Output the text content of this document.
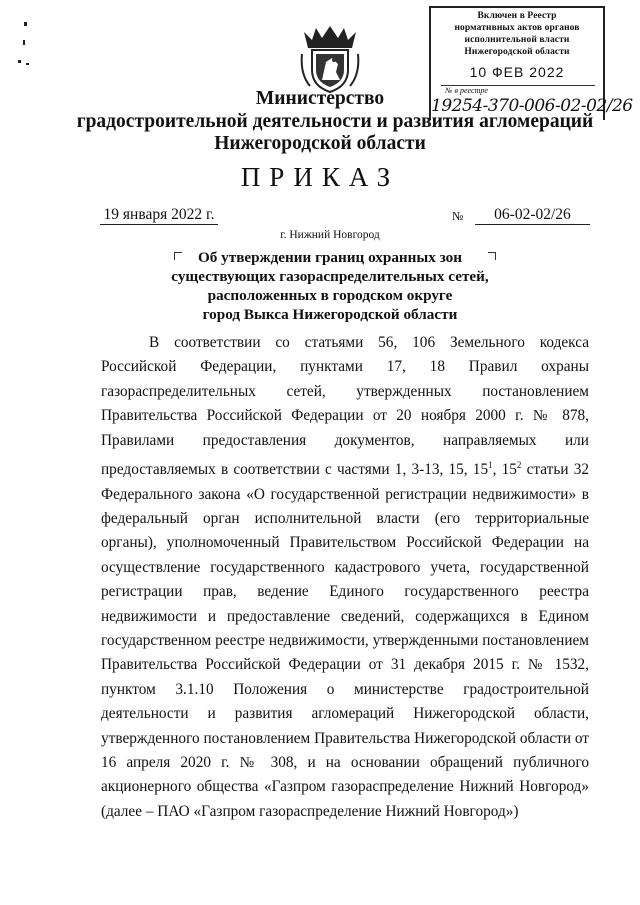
Включен в Реестр
нормативных актов органов
исполнительной власти
Нижегородской области
10 ФЕВ 2022
№ в реестре
19254-370-006-02-02/26
Министерство
градостроительной деятельности и развития агломераций
Нижегородской области
ПРИКАЗ
19 января 2022 г.	№	06-02-02/26
г. Нижний Новгород
Об утверждении границ охранных зон
существующих газораспределительных сетей,
расположенных в городском округе
город Выкса Нижегородской области
В соответствии со статьями 56, 106 Земельного кодекса Российской Федерации, пунктами 17, 18 Правил охраны газораспределительных сетей, утвержденных постановлением Правительства Российской Федерации от 20 ноября 2000 г. № 878, Правилами предоставления документов, направляемых или предоставляемых в соответствии с частями 1, 3-13, 15, $15^1$, $15^2$ статьи 32 Федерального закона «О государственной регистрации недвижимости» в федеральный орган исполнительной власти (его территориальные органы), уполномоченный Правительством Российской Федерации на осуществление государственного кадастрового учета, государственной регистрации прав, ведение Единого государственного реестра недвижимости и предоставление сведений, содержащихся в Едином государственном реестре недвижимости, утвержденными постановлением Правительства Российской Федерации от 31 декабря 2015 г. № 1532, пунктом 3.1.10 Положения о министерстве градостроительной деятельности и развития агломераций Нижегородской области, утвержденного постановлением Правительства Нижегородской области от 16 апреля 2020 г. № 308, и на основании обращений публичного акционерного общества «Газпром газораспределение Нижний Новгород» (далее – ПАО «Газпром газораспределение Нижний Новгород»)
